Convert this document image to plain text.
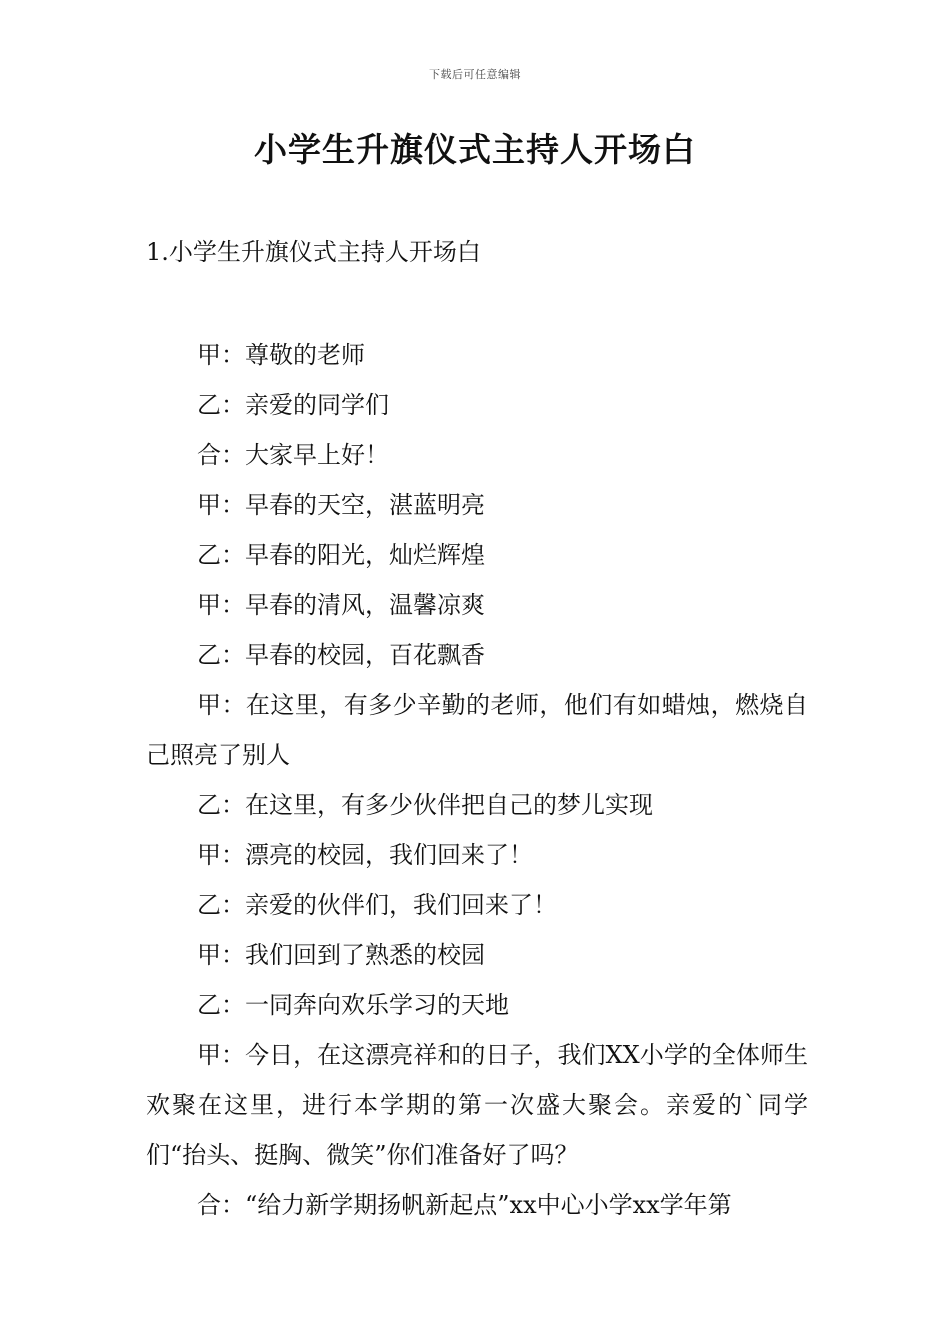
下载后可任意编辑
小学生升旗仪式主持人开场白
1.小学生升旗仪式主持人开场白

甲：尊敬的老师

乙：亲爱的同学们

合：大家早上好！

甲：早春的天空，湛蓝明亮

乙：早春的阳光，灿烂辉煌

甲：早春的清风，温馨凉爽

乙：早春的校园，百花飘香

甲：在这里，有多少辛勤的老师，他们有如蜡烛，燃烧自己照亮了别人

乙：在这里，有多少伙伴把自己的梦儿实现

甲：漂亮的校园，我们回来了！

乙：亲爱的伙伴们，我们回来了！

甲：我们回到了熟悉的校园

乙：一同奔向欢乐学习的天地

甲：今日，在这漂亮祥和的日子，我们XX小学的全体师生欢聚在这里，进行本学期的第一次盛大聚会。亲爱的`同学们“抬头、挺胸、微笑”你们准备好了吗？

合：“给力新学期扬帆新起点”xx中心小学xx学年第
